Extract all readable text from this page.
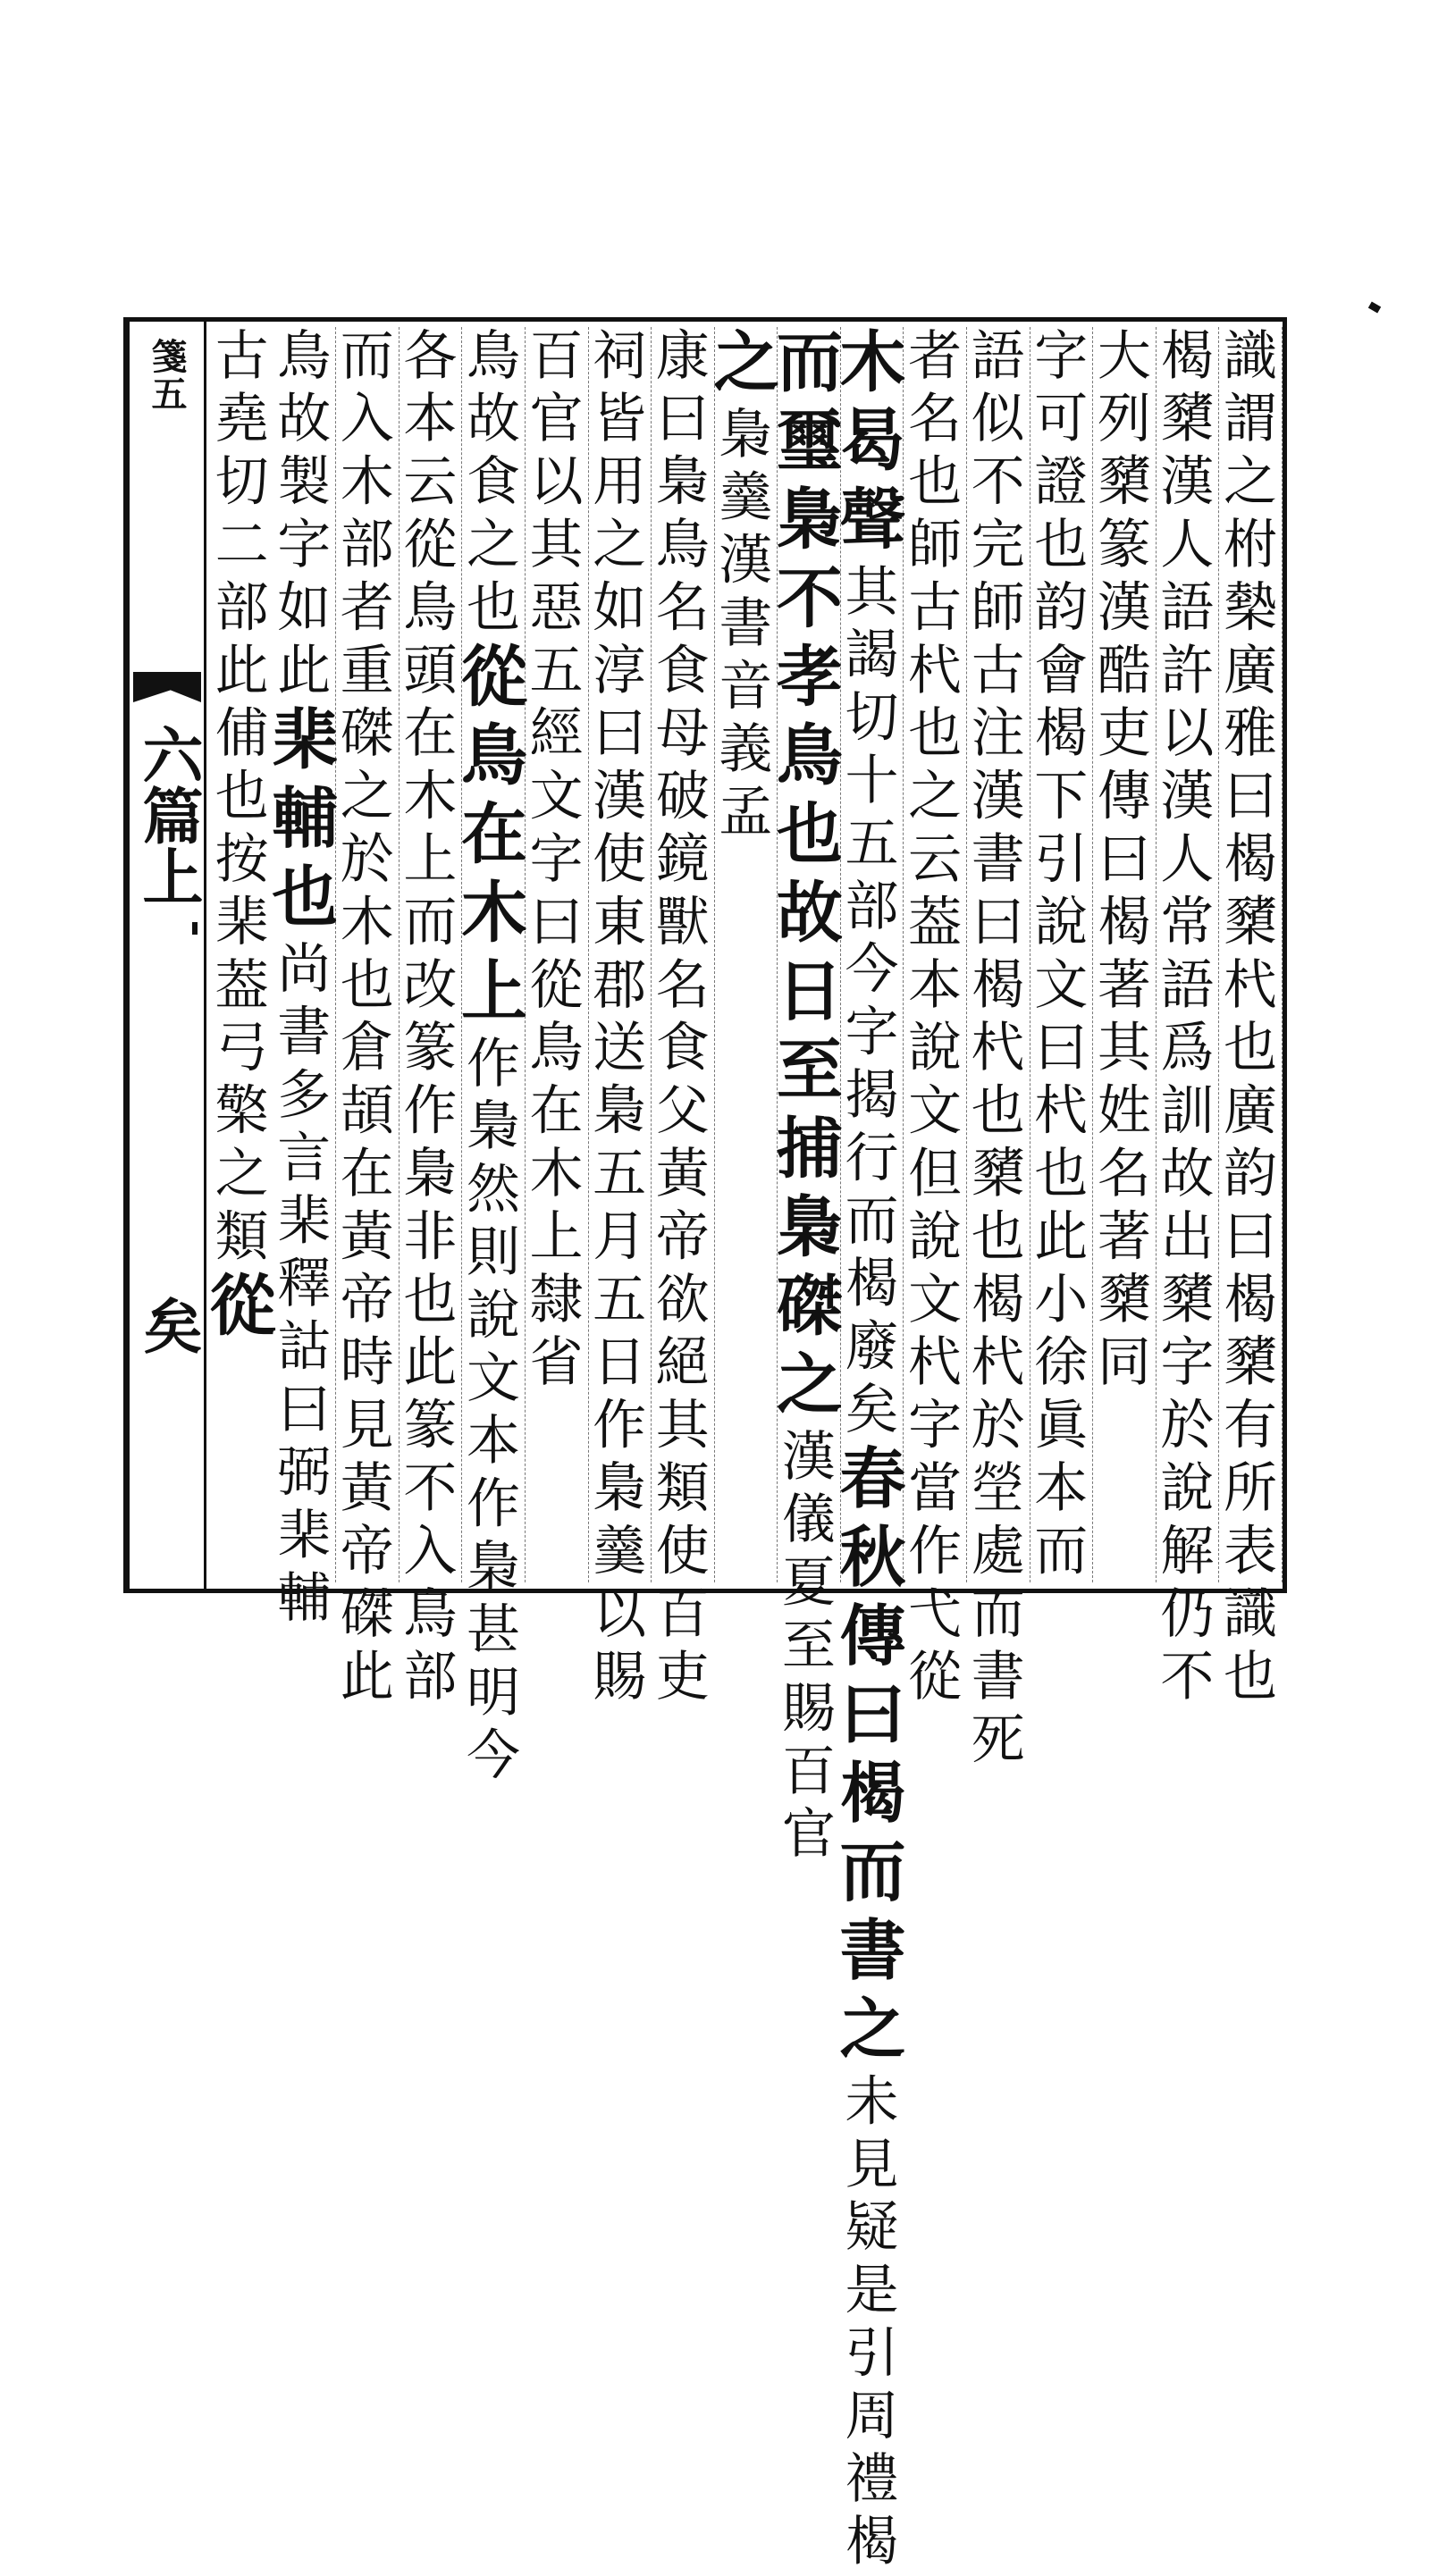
箋五
六篇上
矣	識謂之柎槷廣雅曰楬櫫杙也廣韵曰楬櫫有所表識也
楬櫫漢人語許以漢人常語爲訓故出櫫字於說解仍不
大列櫫篆漢酷吏傳曰楬著其姓名著櫫同
字可證也韵會楬下引說文曰杙也此小徐眞本而
語似不完師古注漢書曰楬杙也櫫也楬杙於塋處而書死
者名也師古杙也之云葢本說文但說文杙字當作弋從
木曷聲其謁切十五部今字揭行而楬廢矣春秋傳曰楬而書之未見疑是引周禮楬
而璽梟不孝鳥也故日至捕梟磔之漢儀夏至賜百官
之梟羹漢書音義孟
康曰梟鳥名食母破鏡獸名食父黃帝欲絕其類使百吏
祠皆用之如淳曰漢使東郡送梟五月五日作梟羹以賜
百官以其惡五經文字曰從鳥在木上隸省
鳥故食之也從鳥在木上作梟然則說文本作梟甚明今
各本云從鳥頭在木上而改篆作梟非也此篆不入鳥部
而入木部者重磔之於木也倉頡在黃帝時見黃帝磔此
鳥故製字如此棐輔也尚書多言棐釋詁曰弼棐輔
古堯切二部此俌也按棐葢弓檠之類從
